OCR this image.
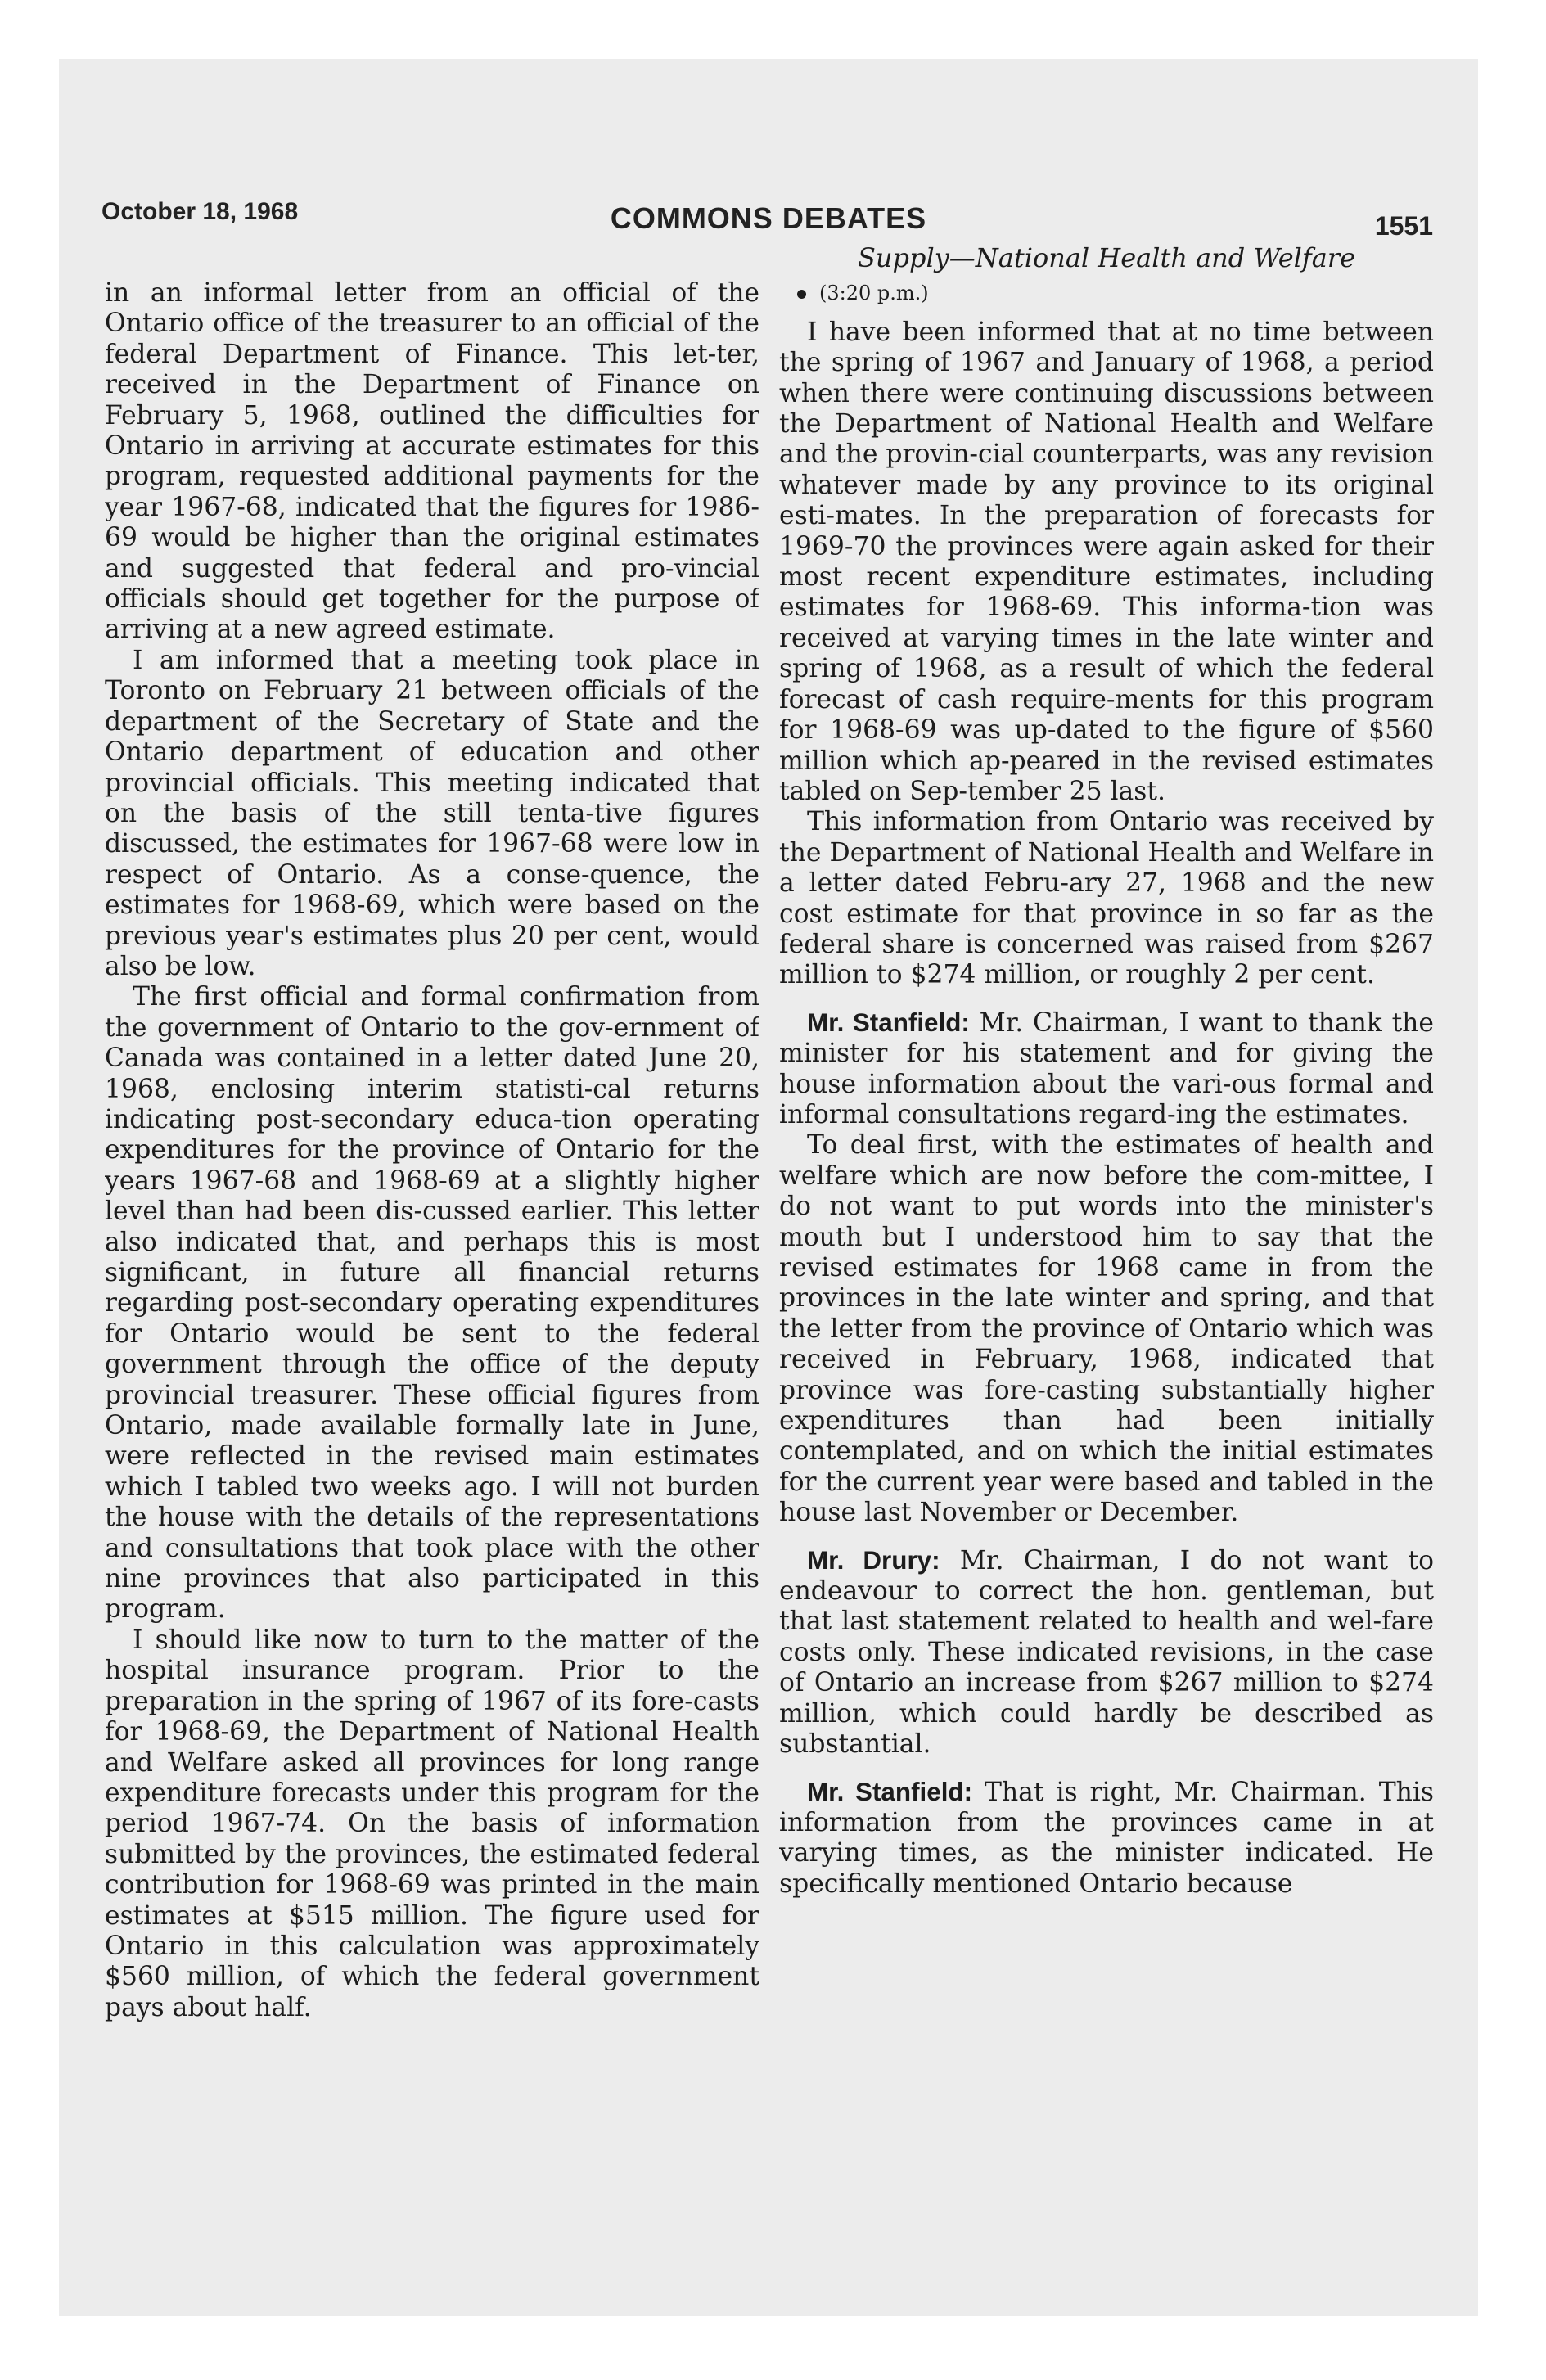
October 18, 1968	COMMONS DEBATES	1551

in an informal letter from an official of the Ontario office of the treasurer to an official of the federal Department of Finance. This let-ter, received in the Department of Finance on February 5, 1968, outlined the difficulties for Ontario in arriving at accurate estimates for this program, requested additional payments for the year 1967-68, indicated that the figures for 1986-69 would be higher than the original estimates and suggested that federal and pro-vincial officials should get together for the purpose of arriving at a new agreed estimate.

I am informed that a meeting took place in Toronto on February 21 between officials of the department of the Secretary of State and the Ontario department of education and other provincial officials. This meeting indicated that on the basis of the still tenta-tive figures discussed, the estimates for 1967-68 were low in respect of Ontario. As a conse-quence, the estimates for 1968-69, which were based on the previous year's estimates plus 20 per cent, would also be low.

The first official and formal confirmation from the government of Ontario to the gov-ernment of Canada was contained in a letter dated June 20, 1968, enclosing interim statisti-cal returns indicating post-secondary educa-tion operating expenditures for the province of Ontario for the years 1967-68 and 1968-69 at a slightly higher level than had been dis-cussed earlier. This letter also indicated that, and perhaps this is most significant, in future all financial returns regarding post-secondary operating expenditures for Ontario would be sent to the federal government through the office of the deputy provincial treasurer. These official figures from Ontario, made available formally late in June, were reflected in the revised main estimates which I tabled two weeks ago. I will not burden the house with the details of the representations and consultations that took place with the other nine provinces that also participated in this program.

I should like now to turn to the matter of the hospital insurance program. Prior to the preparation in the spring of 1967 of its fore-casts for 1968-69, the Department of National Health and Welfare asked all provinces for long range expenditure forecasts under this program for the period 1967-74. On the basis of information submitted by the provinces, the estimated federal contribution for 1968-69 was printed in the main estimates at $515 million. The figure used for Ontario in this calculation was approximately $560 million, of which the federal government pays about half.

Supply—National Health and Welfare
(3:20 p.m.)

I have been informed that at no time between the spring of 1967 and January of 1968, a period when there were continuing discussions between the Department of National Health and Welfare and the provin-cial counterparts, was any revision whatever made by any province to its original esti-mates. In the preparation of forecasts for 1969-70 the provinces were again asked for their most recent expenditure estimates, including estimates for 1968-69. This informa-tion was received at varying times in the late winter and spring of 1968, as a result of which the federal forecast of cash require-ments for this program for 1968-69 was up-dated to the figure of $560 million which ap-peared in the revised estimates tabled on Sep-tember 25 last.

This information from Ontario was received by the Department of National Health and Welfare in a letter dated Febru-ary 27, 1968 and the new cost estimate for that province in so far as the federal share is concerned was raised from $267 million to $274 million, or roughly 2 per cent.

Mr. Stanfield: Mr. Chairman, I want to thank the minister for his statement and for giving the house information about the vari-ous formal and informal consultations regard-ing the estimates.

To deal first, with the estimates of health and welfare which are now before the com-mittee, I do not want to put words into the minister's mouth but I understood him to say that the revised estimates for 1968 came in from the provinces in the late winter and spring, and that the letter from the province of Ontario which was received in February, 1968, indicated that province was fore-casting substantially higher expenditures than had been initially contemplated, and on which the initial estimates for the current year were based and tabled in the house last November or December.

Mr. Drury: Mr. Chairman, I do not want to endeavour to correct the hon. gentleman, but that last statement related to health and wel-fare costs only. These indicated revisions, in the case of Ontario an increase from $267 million to $274 million, which could hardly be described as substantial.

Mr. Stanfield: That is right, Mr. Chairman. This information from the provinces came in at varying times, as the minister indicated. He specifically mentioned Ontario because
